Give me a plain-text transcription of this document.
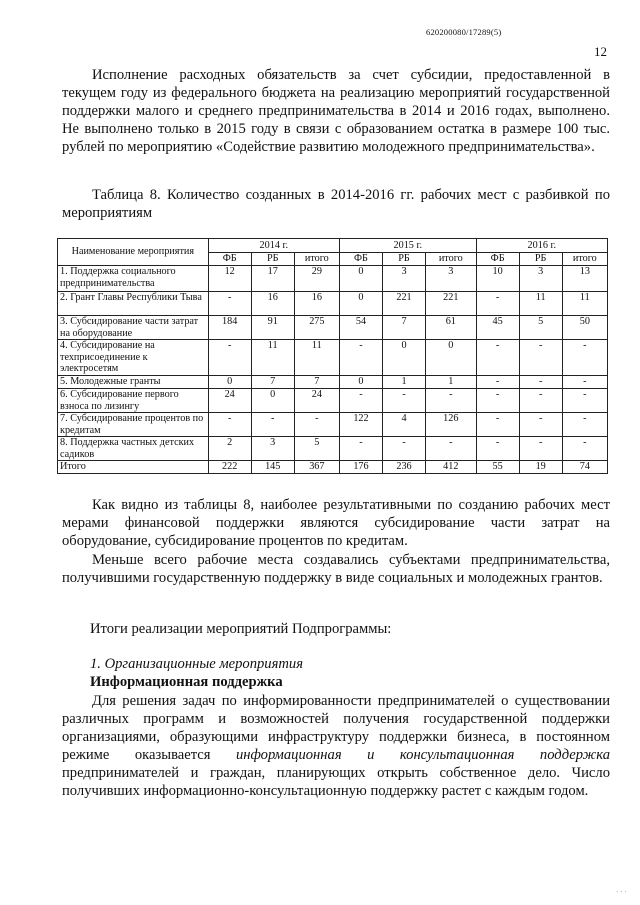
620200080/17289(5)
12

Исполнение расходных обязательств за счет субсидии, предоставленной в текущем году из федерального бюджета на реализацию мероприятий государственной поддержки малого и среднего предпринимательства в 2014 и 2016 годах, выполнено. Не выполнено только в 2015 году в связи с образованием остатка в размере 100 тыс. рублей по мероприятию «Содействие развитию молодежного предпринимательства».

Таблица 8. Количество созданных в 2014-2016 гг. рабочих мест с разбивкой по мероприятиям

Наименование мероприятия	2014 г.			2015 г.			2016 г.		
	ФБ	РБ	итого	ФБ	РБ	итого	ФБ	РБ	итого
1. Поддержка социального предпринимательства	12	17	29	0	3	3	10	3	13
2. Грант Главы Республики Тыва	-	16	16	0	221	221	-	11	11
3. Субсидирование части затрат на оборудование	184	91	275	54	7	61	45	5	50
4. Субсидирование на техприсоединение к электросетям	-	11	11	-	0	0	-	-	-
5. Молодежные гранты	0	7	7	0	1	1	-	-	-
6. Субсидирование первого взноса по лизингу	24	0	24	-	-	-	-	-	-
7. Субсидирование процентов по кредитам	-	-	-	122	4	126	-	-	-
8. Поддержка частных детских садиков	2	3	5	-	-	-	-	-	-
Итого	222	145	367	176	236	412	55	19	74

Как видно из таблицы 8, наиболее результативными по созданию рабочих мест мерами финансовой поддержки являются субсидирование части затрат на оборудование, субсидирование процентов по кредитам.

Меньше всего рабочие места создавались субъектами предпринимательства, получившими государственную поддержку в виде социальных и молодежных грантов.

Итоги реализации мероприятий Подпрограммы:

1. Организационные мероприятия

Информационная поддержка

Для решения задач по информированности предпринимателей о существовании различных программ и возможностей получения государственной поддержки организациями, образующими инфраструктуру поддержки бизнеса, в постоянном режиме оказывается информационная и консультационная поддержка предпринимателей и граждан, планирующих открыть собственное дело. Число получивших информационно-консультационную поддержку растет с каждым годом.

· · ·
